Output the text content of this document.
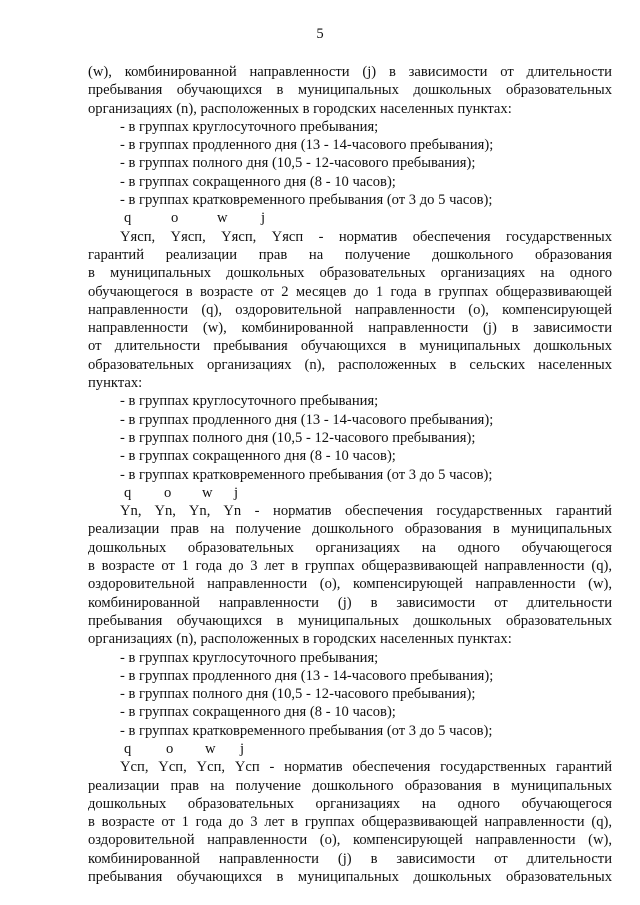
5

(w), комбинированной направленности (j) в зависимости от длительности

пребывания обучающихся в муниципальных дошкольных образовательных

организациях (n), расположенных в городских населенных пунктах:

- в группах круглосуточного пребывания;
- в группах продленного дня (13 - 14-часового пребывания);
- в группах полного дня (10,5 - 12-часового пребывания);
- в группах сокращенного дня (8 - 10 часов);
- в группах кратковременного пребывания (от 3 до 5 часов);
q	o	w j

Yясп, Yясп, Yясп, Yясп - норматив обеспечения государственных

гарантий реализации прав на получение дошкольного образования

в муниципальных дошкольных образовательных организациях на одного

обучающегося в возрасте от 2 месяцев до 1 года в группах общеразвивающей

направленности (q), оздоровительной направленности (o), компенсирующей

направленности (w), комбинированной направленности (j) в зависимости

от длительности пребывания обучающихся в муниципальных дошкольных

образовательных организациях (n), расположенных в сельских населенных

пунктах:

- в группах круглосуточного пребывания;
- в группах продленного дня (13 - 14-часового пребывания);
- в группах полного дня (10,5 - 12-часового пребывания);
- в группах сокращенного дня (8 - 10 часов);
- в группах кратковременного пребывания (от 3 до 5 часов);
q o w j

Yn, Yn, Yn, Yn - норматив обеспечения государственных гарантий

реализации прав на получение дошкольного образования в муниципальных

дошкольных образовательных организациях на одного обучающегося

в возрасте от 1 года до 3 лет в группах общеразвивающей направленности (q),

оздоровительной направленности (o), компенсирующей направленности (w),

комбинированной направленности (j) в зависимости от длительности

пребывания обучающихся в муниципальных дошкольных образовательных

организациях (n), расположенных в городских населенных пунктах:

- в группах круглосуточного пребывания;
- в группах продленного дня (13 - 14-часового пребывания);
- в группах полного дня (10,5 - 12-часового пребывания);
- в группах сокращенного дня (8 - 10 часов);
- в группах кратковременного пребывания (от 3 до 5 часов);
q o w j

Yсп, Yсп, Yсп, Yсп - норматив обеспечения государственных гарантий

реализации прав на получение дошкольного образования в муниципальных

дошкольных образовательных организациях на одного обучающегося

в возрасте от 1 года до 3 лет в группах общеразвивающей направленности (q),

оздоровительной направленности (o), компенсирующей направленности (w),

комбинированной направленности (j) в зависимости от длительности

пребывания обучающихся в муниципальных дошкольных образовательных
